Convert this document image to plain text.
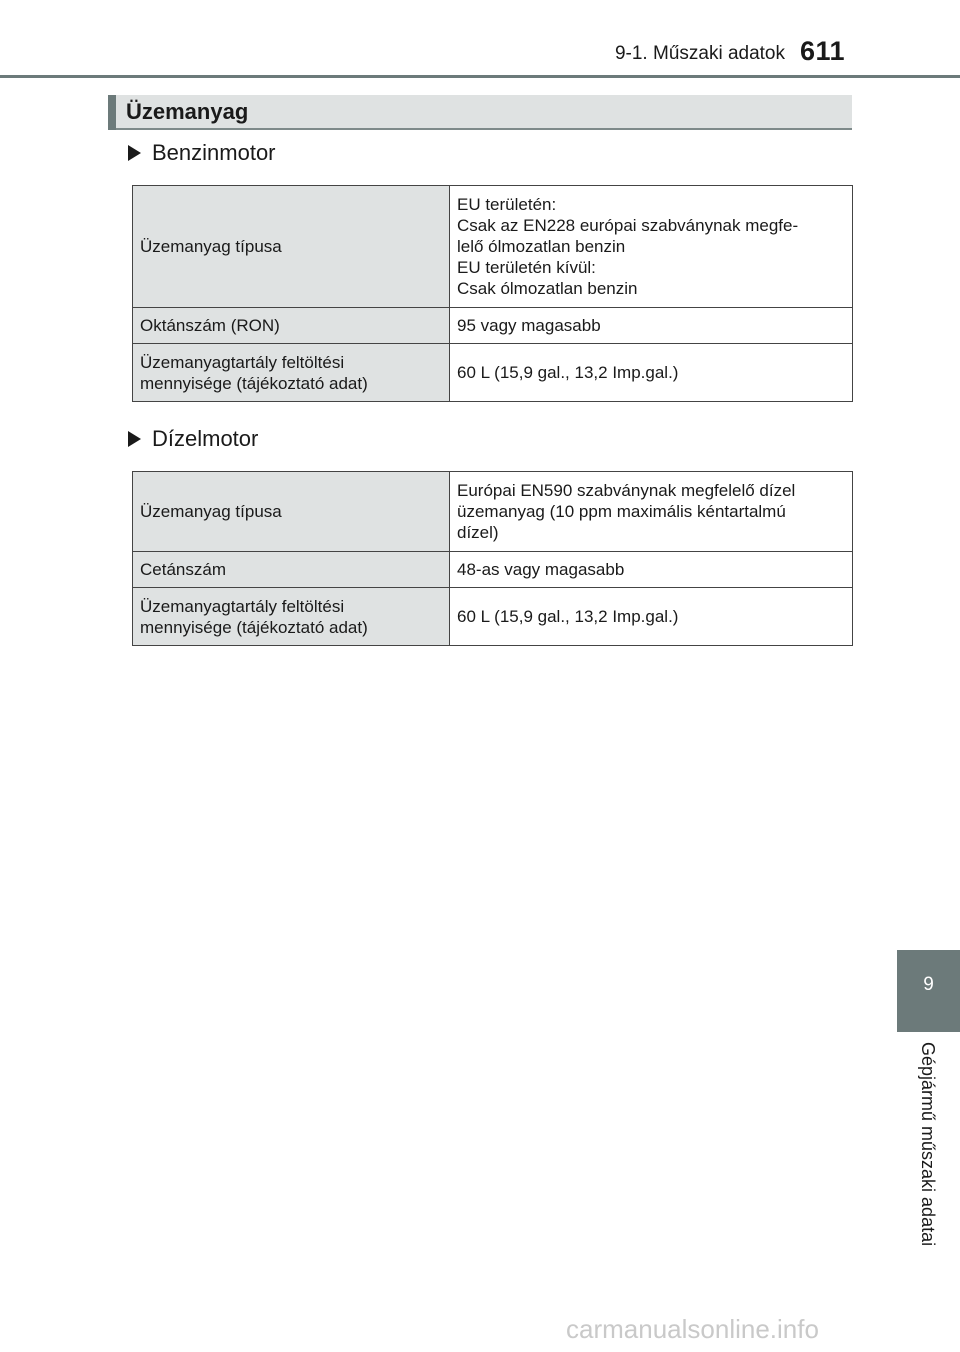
9-1. Műszaki adatok 611
Üzemanyag
Benzinmotor
Üzemanyag típusa	EU területén:
Csak az EN228 európai szabványnak megfe-
lelő ólmozatlan benzin
EU területén kívül:
Csak ólmozatlan benzin

Oktánszám (RON)	95 vagy magasabb

Üzemanyagtartály feltöltési
mennyisége (tájékoztató adat)	60 L (15,9 gal., 13,2 Imp.gal.)
Dízelmotor
Üzemanyag típusa	Európai EN590 szabványnak megfelelő dízel
üzemanyag (10 ppm maximális kéntartalmú
dízel)

Cetánszám	48-as vagy magasabb

Üzemanyagtartály feltöltési
mennyisége (tájékoztató adat)	60 L (15,9 gal., 13,2 Imp.gal.)
9
Gépjármű műszaki adatai
carmanualsonline.info
